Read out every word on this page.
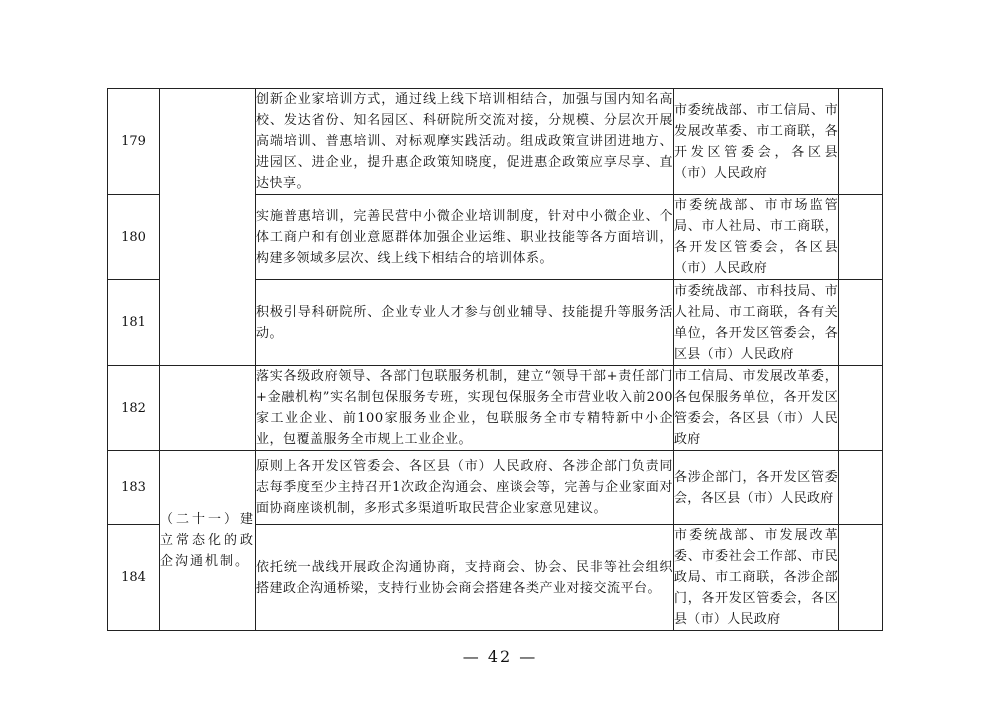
179		创新企业家培训方式，通过线上线下培训相结合，加强与国内知名高校、发达省份、知名园区、科研院所交流对接，分规模、分层次开展高端培训、普惠培训、对标观摩实践活动。组成政策宣讲团进地方、进园区、进企业，提升惠企政策知晓度，促进惠企政策应享尽享、直达快享。	市委统战部、市工信局、市发展改革委、市工商联，各开发区管委会，各区县（市）人民政府	
180		实施普惠培训，完善民营中小微企业培训制度，针对中小微企业、个体工商户和有创业意愿群体加强企业运维、职业技能等各方面培训，构建多领域多层次、线上线下相结合的培训体系。	市委统战部、市市场监管局、市人社局、市工商联，各开发区管委会，各区县（市）人民政府	
181		积极引导科研院所、企业专业人才参与创业辅导、技能提升等服务活动。	市委统战部、市科技局、市人社局、市工商联，各有关单位，各开发区管委会，各区县（市）人民政府	
182		落实各级政府领导、各部门包联服务机制，建立“领导干部+责任部门+金融机构”实名制包保服务专班，实现包保服务全市营业收入前200家工业企业、前100家服务业企业，包联服务全市专精特新中小企业，包覆盖服务全市规上工业企业。	市工信局、市发展改革委，各包保服务单位，各开发区管委会，各区县（市）人民政府	
183	（二十一）建立常态化的政企沟通机制。	原则上各开发区管委会、各区县（市）人民政府、各涉企部门负责同志每季度至少主持召开1次政企沟通会、座谈会等，完善与企业家面对面协商座谈机制，多形式多渠道听取民营企业家意见建议。	各涉企部门，各开发区管委会，各区县（市）人民政府	
184		依托统一战线开展政企沟通协商，支持商会、协会、民非等社会组织搭建政企沟通桥梁，支持行业协会商会搭建各类产业对接交流平台。	市委统战部、市发展改革委、市委社会工作部、市民政局、市工商联，各涉企部门，各开发区管委会，各区县（市）人民政府	
— 42 —
